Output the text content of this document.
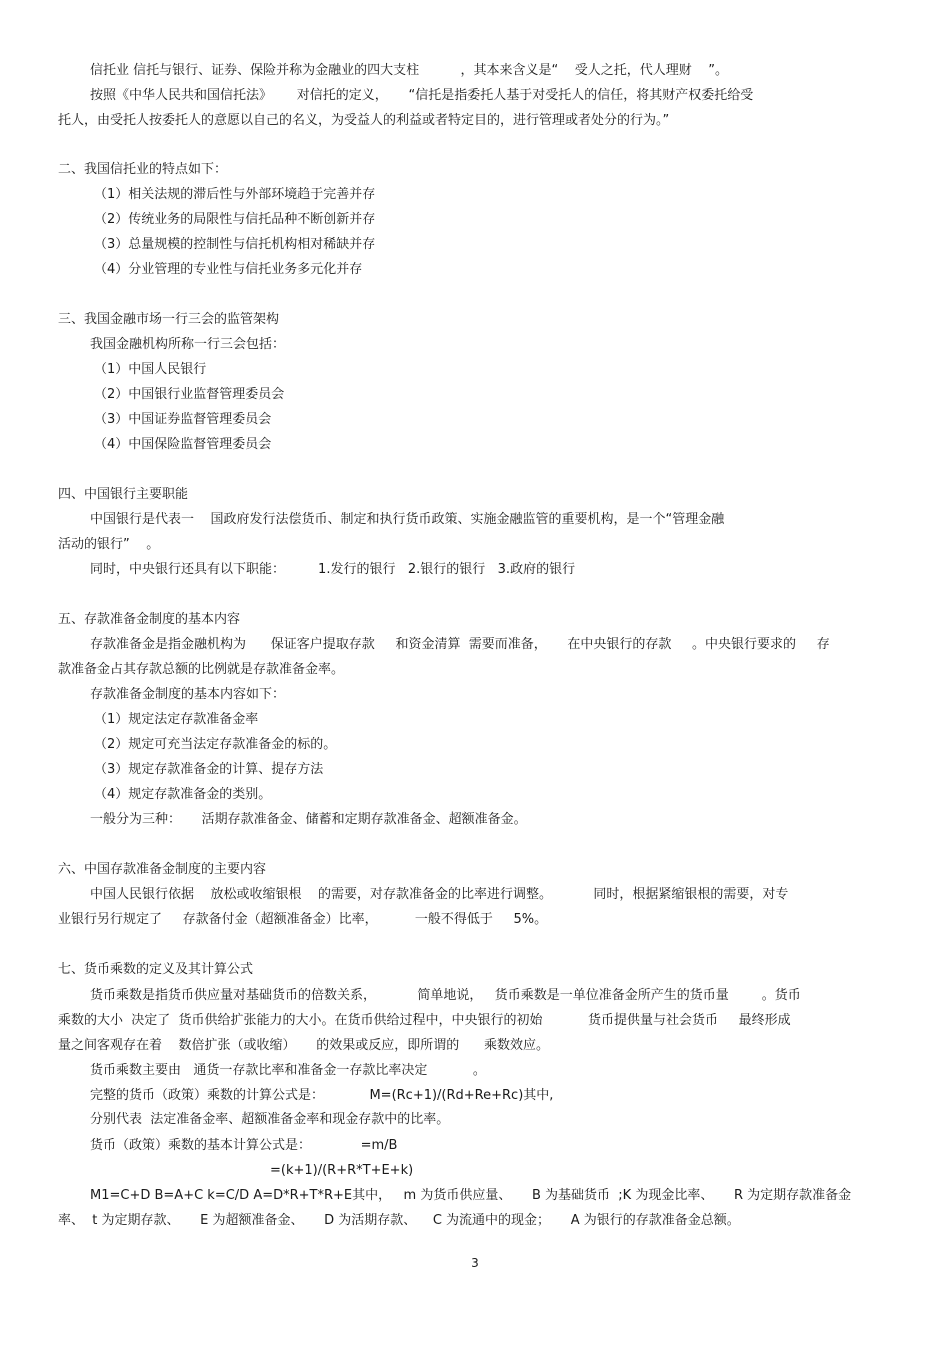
信托业 信托与银行、证券、保险并称为金融业的四大支柱          ，其本来含义是“    受人之托，代人理财    ”。
按照《中华人民共和国信托法》      对信托的定义，     “信托是指委托人基于对受托人的信任，将其财产权委托给受
托人，由受托人按委托人的意愿以自己的名义，为受益人的利益或者特定目的，进行管理或者处分的行为。”
二、我国信托业的特点如下：
（1）相关法规的滞后性与外部环境趋于完善并存
（2）传统业务的局限性与信托品种不断创新并存
（3）总量规模的控制性与信托机构相对稀缺并存
（4）分业管理的专业性与信托业务多元化并存
三、我国金融市场一行三会的监管架构
我国金融机构所称一行三会包括：
（1）中国人民银行
（2）中国银行业监督管理委员会
（3）中国证券监督管理委员会
（4）中国保险监督管理委员会
四、中国银行主要职能
中国银行是代表一    国政府发行法偿货币、制定和执行货币政策、实施金融监管的重要机构，是一个“管理金融
活动的银行”    。
同时，中央银行还具有以下职能：        1.发行的银行   2.银行的银行   3.政府的银行
五、存款准备金制度的基本内容
存款准备金是指金融机构为      保证客户提取存款     和资金清算  需要而准备，     在中央银行的存款     。中央银行要求的     存
款准备金占其存款总额的比例就是存款准备金率。
存款准备金制度的基本内容如下：
（1）规定法定存款准备金率
（2）规定可充当法定存款准备金的标的。
（3）规定存款准备金的计算、提存方法
（4）规定存款准备金的类别。
一般分为三种：     活期存款准备金、储蓄和定期存款准备金、超额准备金。
六、中国存款准备金制度的主要内容
中国人民银行依据    放松或收缩银根    的需要，对存款准备金的比率进行调整。          同时，根据紧缩银根的需要，对专
业银行另行规定了     存款备付金（超额准备金）比率，         一般不得低于     5%。
七、货币乘数的定义及其计算公式
货币乘数是指货币供应量对基础货币的倍数关系，          简单地说，   货币乘数是一单位准备金所产生的货币量        。货币
乘数的大小  决定了  货币供给扩张能力的大小。在货币供给过程中，中央银行的初始           货币提供量与社会货币     最终形成
量之间客观存在着    数倍扩张（或收缩）     的效果或反应，即所谓的      乘数效应。
货币乘数主要由   通货一存款比率和准备金一存款比率决定           。
完整的货币（政策）乘数的计算公式是：           M=(Rc+1)/(Rd+Re+Rc)其中,
分别代表  法定准备金率、超额准备金率和现金存款中的比率。
货币（政策）乘数的基本计算公式是：            =m/B
=(k+1)/(R+R*T+E+k)
M1=C+D B=A+C k=C/D A=D*R+T*R+E其中，   m 为货币供应量、     B 为基础货币  ;K 为现金比率、     R 为定期存款准备金
率、  t 为定期存款、     E 为超额准备金、     D 为活期存款、    C 为流通中的现金；     A 为银行的存款准备金总额。
3
